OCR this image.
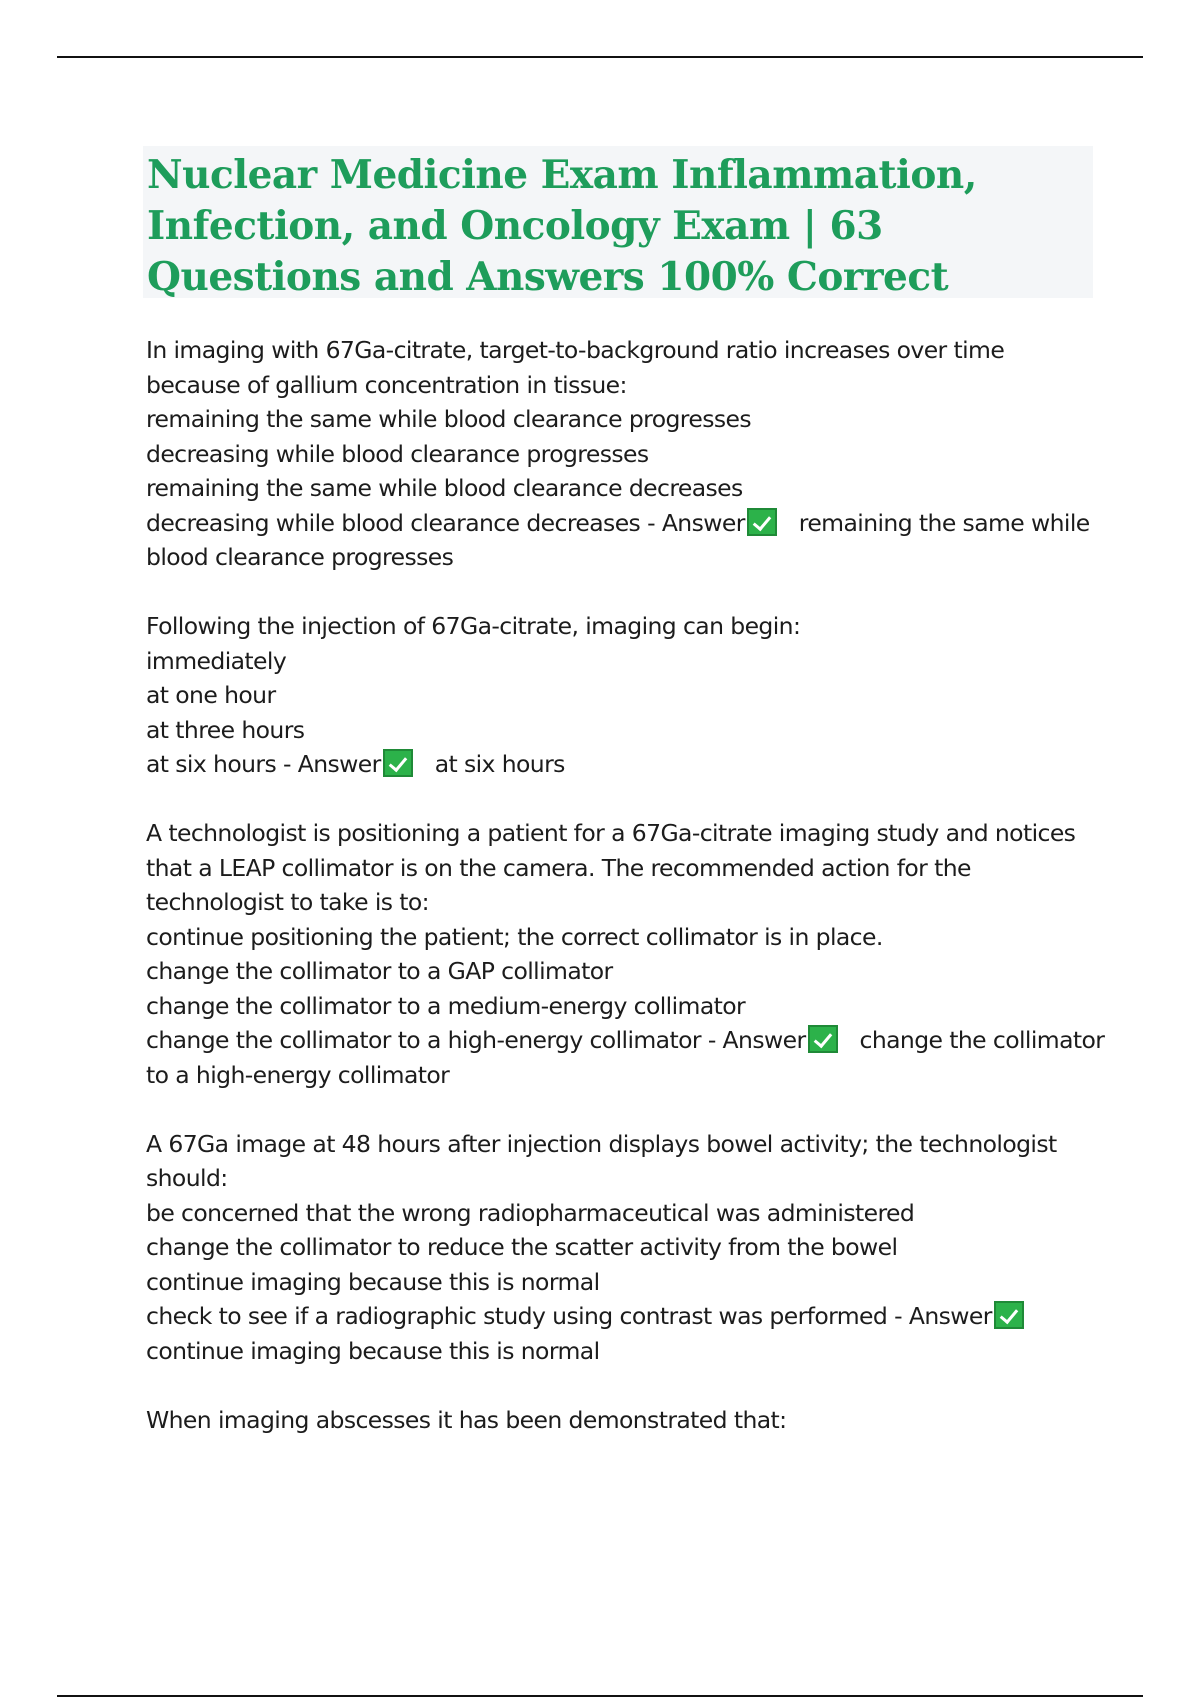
Nuclear Medicine Exam Inflammation, Infection, and Oncology Exam | 63 Questions and Answers 100% Correct
In imaging with 67Ga-citrate, target-to-background ratio increases over time
because of gallium concentration in tissue:
remaining the same while blood clearance progresses
decreasing while blood clearance progresses
remaining the same while blood clearance decreases
decreasing while blood clearance decreases - Answer remaining the same while blood clearance progresses
Following the injection of 67Ga-citrate, imaging can begin:
immediately
at one hour
at three hours
at six hours - Answer at six hours
A technologist is positioning a patient for a 67Ga-citrate imaging study and notices
that a LEAP collimator is on the camera. The recommended action for the
technologist to take is to:
continue positioning the patient; the correct collimator is in place.
change the collimator to a GAP collimator
change the collimator to a medium-energy collimator
change the collimator to a high-energy collimator - Answer change the collimator to a high-energy collimator
A 67Ga image at 48 hours after injection displays bowel activity; the technologist
should:
be concerned that the wrong radiopharmaceutical was administered
change the collimator to reduce the scatter activity from the bowel
continue imaging because this is normal
check to see if a radiographic study using contrast was performed - Answer continue imaging because this is normal
When imaging abscesses it has been demonstrated that:
